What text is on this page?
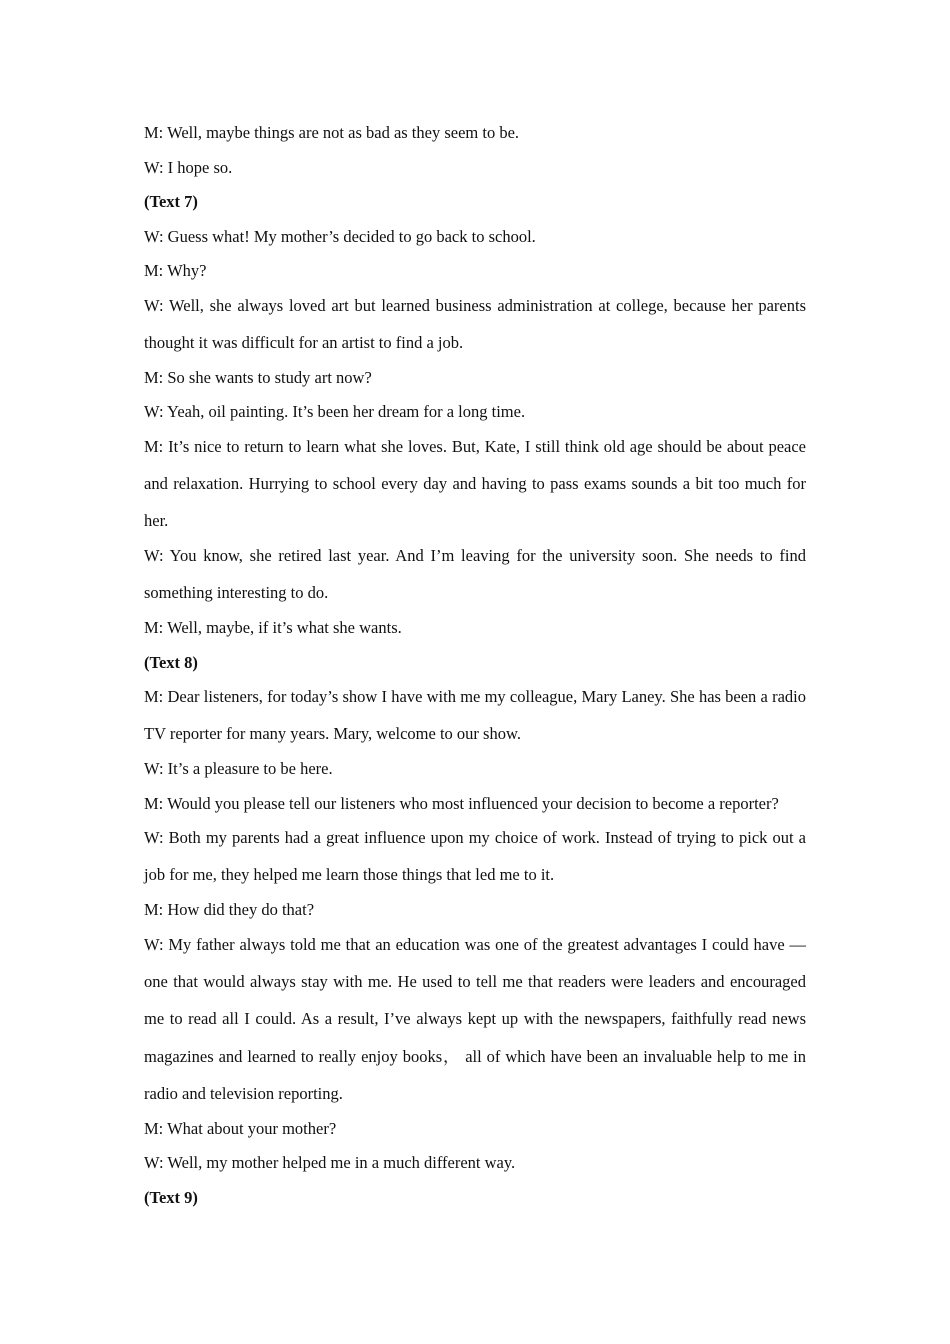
M: Well, maybe things are not as bad as they seem to be.

W: I hope so.

(Text 7)

W: Guess what! My mother’s decided to go back to school.

M: Why?

W: Well, she always loved art but learned business administration at college, because her parents thought it was difficult for an artist to find a job.

M: So she wants to study art now?

W: Yeah, oil painting. It’s been her dream for a long time.

M: It’s nice to return to learn what she loves. But, Kate, I still think old age should be about peace and relaxation. Hurrying to school every day and having to pass exams sounds a bit too much for her.

W: You know, she retired last year. And I’m leaving for the university soon. She needs to find something interesting to do.

M: Well, maybe, if it’s what she wants.

(Text 8)

M: Dear listeners, for today’s show I have with me my colleague, Mary Laney. She has been a radio TV reporter for many years. Mary, welcome to our show.

W: It’s a pleasure to be here.

M: Would you please tell our listeners who most influenced your decision to become a reporter?

W: Both my parents had a great influence upon my choice of work. Instead of trying to pick out a job for me, they helped me learn those things that led me to it.

M: How did they do that?

W: My father always told me that an education was one of the greatest advantages I could have — one that would always stay with me. He used to tell me that readers were leaders and encouraged me to read all I could. As a result, I’ve always kept up with the newspapers, faithfully read news magazines and learned to really enjoy books， all of which have been an invaluable help to me in radio and television reporting.

M: What about your mother?

W: Well, my mother helped me in a much different way.

(Text 9)
